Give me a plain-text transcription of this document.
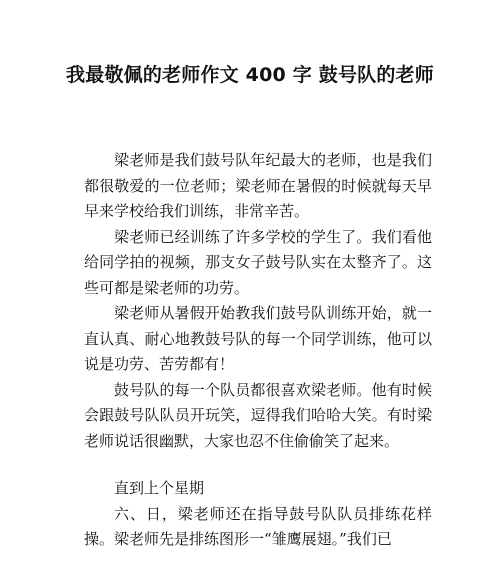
我最敬佩的老师作文 400 字 鼓号队的老师

梁老师是我们鼓号队年纪最大的老师，也是我们都很敬爱的一位老师；梁老师在暑假的时候就每天早早来学校给我们训练，非常辛苦。

梁老师已经训练了许多学校的学生了。我们看他给同学拍的视频，那支女子鼓号队实在太整齐了。这些可都是梁老师的功劳。

梁老师从暑假开始教我们鼓号队训练开始，就一直认真、耐心地教鼓号队的每一个同学训练，他可以说是功劳、苦劳都有！

鼓号队的每一个队员都很喜欢梁老师。他有时候会跟鼓号队队员开玩笑，逗得我们哈哈大笑。有时梁老师说话很幽默，大家也忍不住偷偷笑了起来。

直到上个星期

六、日，梁老师还在指导鼓号队队员排练花样操。梁老师先是排练图形一“雏鹰展翅。”我们已
